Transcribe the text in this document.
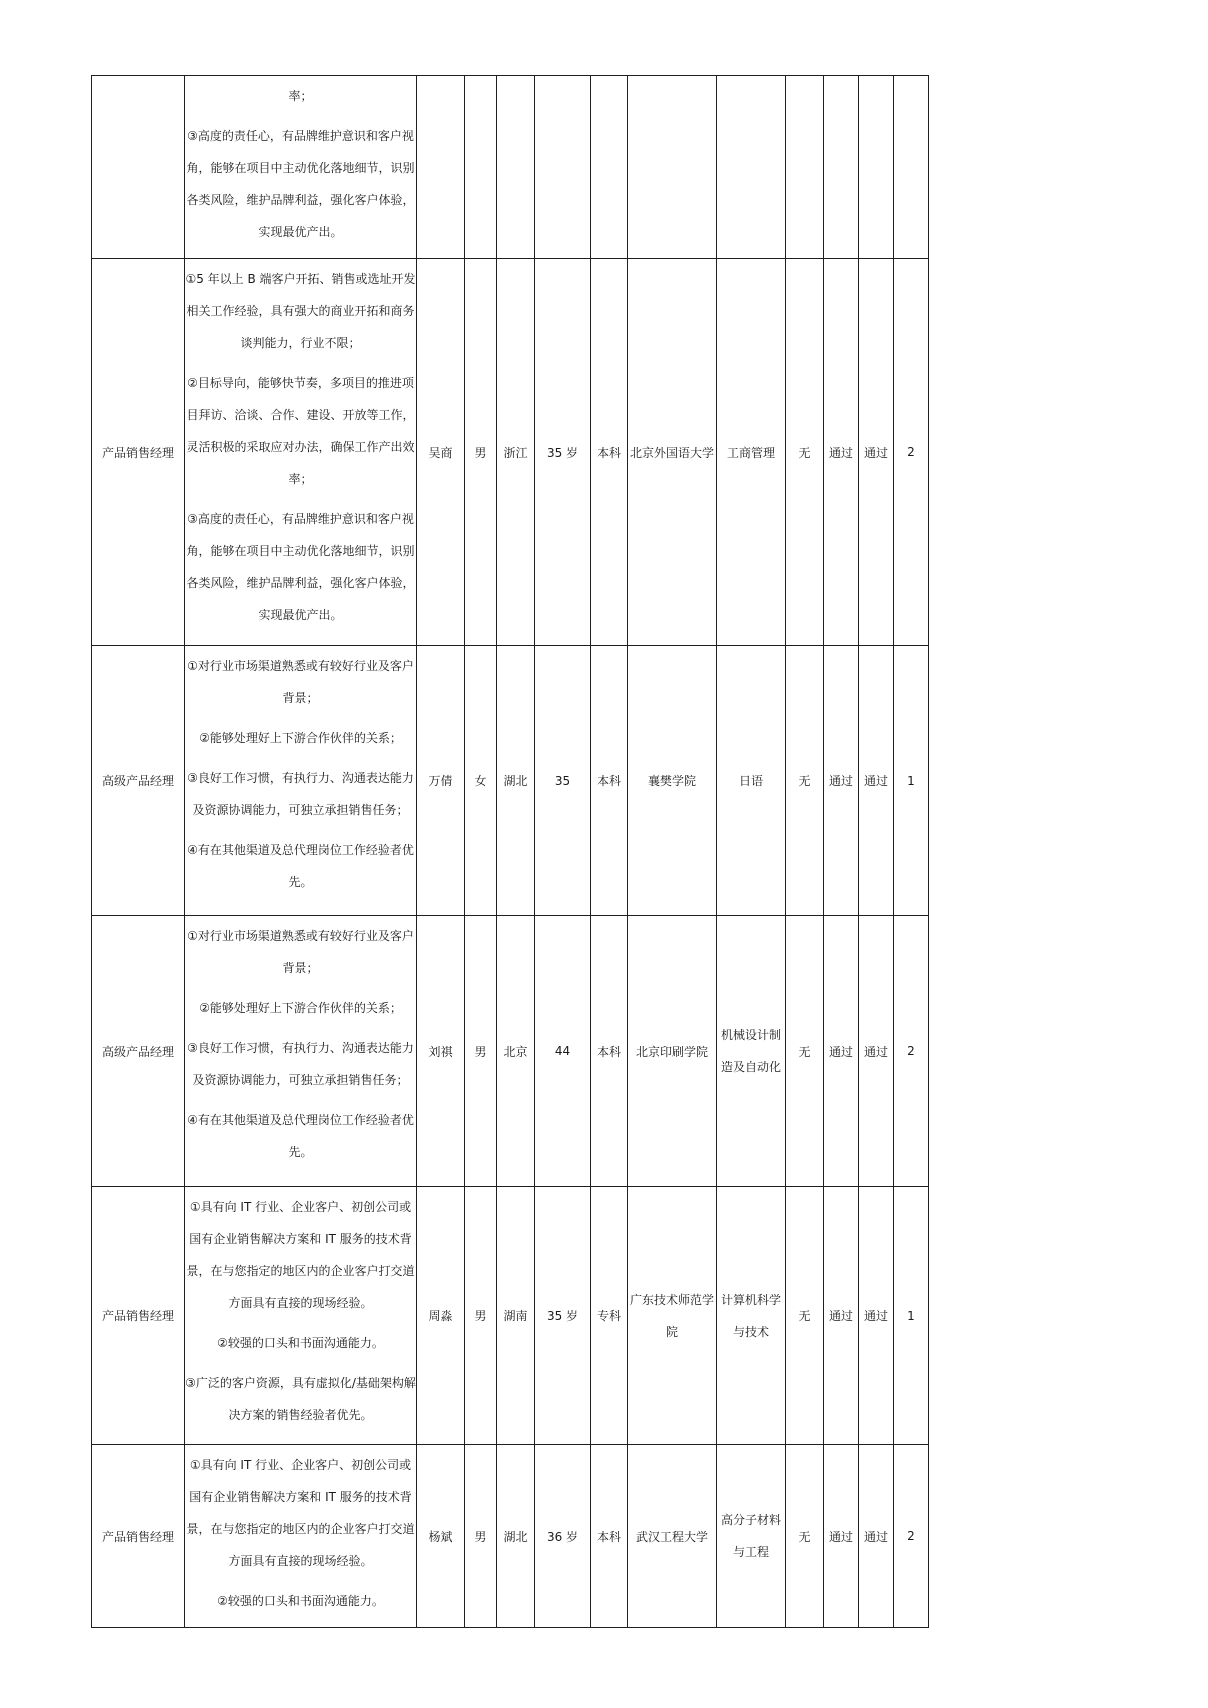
	率；
③高度的责任心，有品牌维护意识和客户视角，能够在项目中主动优化落地细节，识别各类风险，维护品牌利益，强化客户体验，实现最优产出。											

产品销售经理	①5 年以上 B 端客户开拓、销售或选址开发相关工作经验，具有强大的商业开拓和商务谈判能力，行业不限；
②目标导向，能够快节奏，多项目的推进项目拜访、洽谈、合作、建设、开放等工作，灵活积极的采取应对办法，确保工作产出效率；
③高度的责任心，有品牌维护意识和客户视角，能够在项目中主动优化落地细节，识别各类风险，维护品牌利益，强化客户体验，实现最优产出。	吴商	男	浙江	35 岁	本科	北京外国语大学	工商管理	无	通过	通过	2
高级产品经理	①对行业市场渠道熟悉或有较好行业及客户背景；
②能够处理好上下游合作伙伴的关系；
③良好工作习惯，有执行力、沟通表达能力及资源协调能力，可独立承担销售任务；
④有在其他渠道及总代理岗位工作经验者优先。	万倩	女	湖北	35	本科	襄樊学院	日语	无	通过	通过	1
高级产品经理	①对行业市场渠道熟悉或有较好行业及客户背景；
②能够处理好上下游合作伙伴的关系；
③良好工作习惯，有执行力、沟通表达能力及资源协调能力，可独立承担销售任务；
④有在其他渠道及总代理岗位工作经验者优先。	刘祺	男	北京	44	本科	北京印刷学院	机械设计制造及自动化	无	通过	通过	2
产品销售经理	①具有向 IT 行业、企业客户、初创公司或国有企业销售解决方案和 IT 服务的技术背景，在与您指定的地区内的企业客户打交道方面具有直接的现场经验。
②较强的口头和书面沟通能力。
③广泛的客户资源，具有虚拟化/基础架构解决方案的销售经验者优先。	周淼	男	湖南	35 岁	专科	广东技术师范学院	计算机科学与技术	无	通过	通过	1
产品销售经理	①具有向 IT 行业、企业客户、初创公司或国有企业销售解决方案和 IT 服务的技术背景，在与您指定的地区内的企业客户打交道方面具有直接的现场经验。
②较强的口头和书面沟通能力。	杨斌	男	湖北	36 岁	本科	武汉工程大学	高分子材料与工程	无	通过	通过	2
